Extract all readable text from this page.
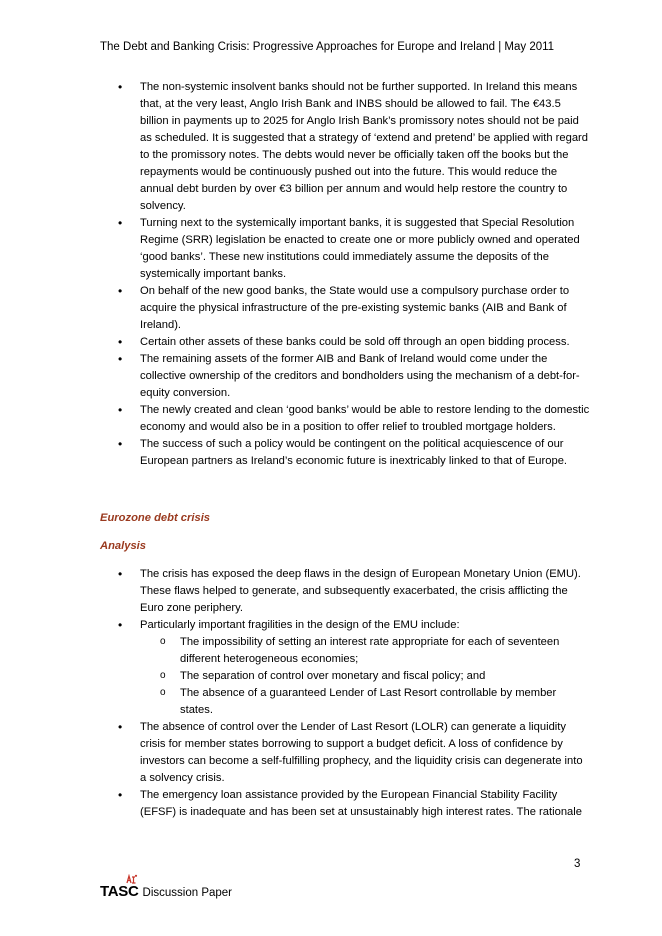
The Debt and Banking Crisis: Progressive Approaches for Europe and Ireland | May 2011
• The non-systemic insolvent banks should not be further supported. In Ireland this means that, at the very least, Anglo Irish Bank and INBS should be allowed to fail. The €43.5 billion in payments up to 2025 for Anglo Irish Bank’s promissory notes should not be paid as scheduled. It is suggested that a strategy of ‘extend and pretend’ be applied with regard to the promissory notes. The debts would never be officially taken off the books but the repayments would be continuously pushed out into the future. This would reduce the annual debt burden by over €3 billion per annum and would help restore the country to solvency.
• Turning next to the systemically important banks, it is suggested that Special Resolution Regime (SRR) legislation be enacted to create one or more publicly owned and operated ‘good banks’. These new institutions could immediately assume the deposits of the systemically important banks.
• On behalf of the new good banks, the State would use a compulsory purchase order to acquire the physical infrastructure of the pre-existing systemic banks (AIB and Bank of Ireland).
• Certain other assets of these banks could be sold off through an open bidding process.
• The remaining assets of the former AIB and Bank of Ireland would come under the collective ownership of the creditors and bondholders using the mechanism of a debt-for-equity conversion.
• The newly created and clean ‘good banks’ would be able to restore lending to the domestic economy and would also be in a position to offer relief to troubled mortgage holders.
• The success of such a policy would be contingent on the political acquiescence of our European partners as Ireland’s economic future is inextricably linked to that of Europe.
Eurozone debt crisis
Analysis
• The crisis has exposed the deep flaws in the design of European Monetary Union (EMU). These flaws helped to generate, and subsequently exacerbated, the crisis afflicting the Euro zone periphery.
• Particularly important fragilities in the design of the EMU include:
o The impossibility of setting an interest rate appropriate for each of seventeen different heterogeneous economies;
o The separation of control over monetary and fiscal policy; and
o The absence of a guaranteed Lender of Last Resort controllable by member states.
• The absence of control over the Lender of Last Resort (LOLR) can generate a liquidity crisis for member states borrowing to support a budget deficit. A loss of confidence by investors can become a self-fulfilling prophecy, and the liquidity crisis can degenerate into a solvency crisis.
• The emergency loan assistance provided by the European Financial Stability Facility (EFSF) is inadequate and has been set at unsustainably high interest rates. The rationale
3
TASC Discussion Paper
